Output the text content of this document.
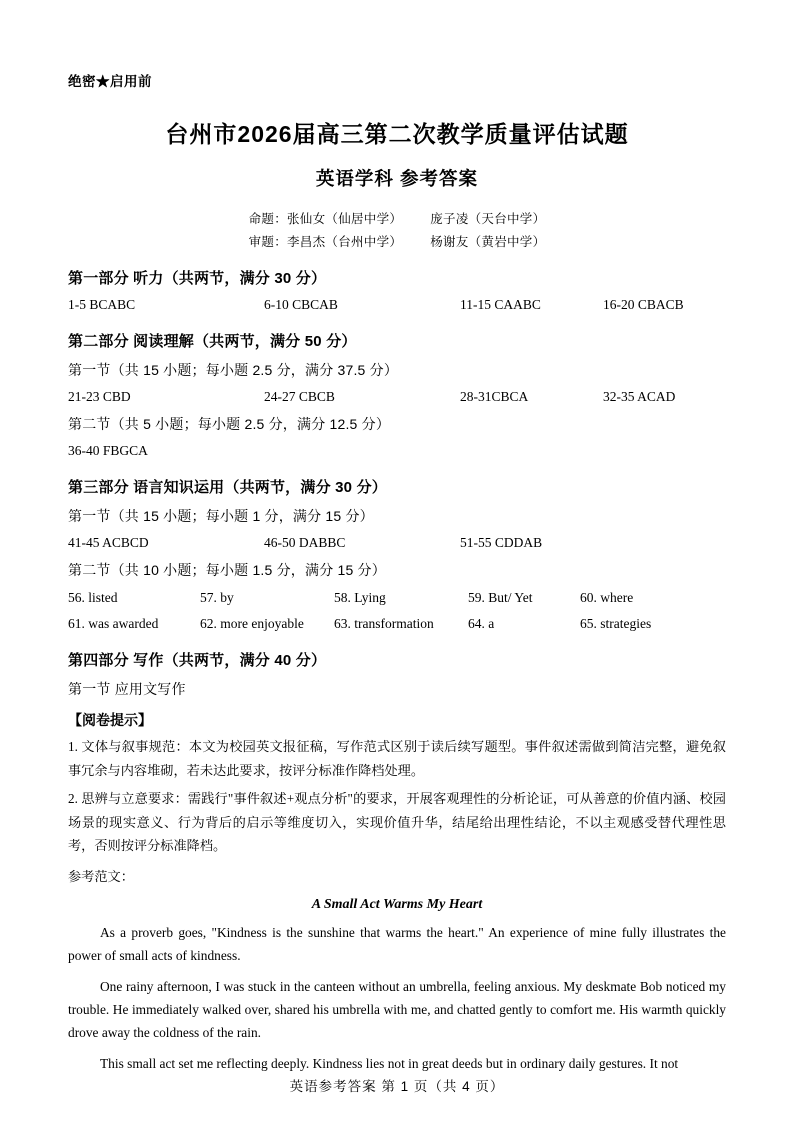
绝密★启用前
台州市2026届高三第二次教学质量评估试题
英语学科 参考答案
命题：张仙女（仙居中学） 庞子凌（天台中学）
审题：李昌杰（台州中学） 杨谢友（黄岩中学）
第一部分 听力（共两节，满分 30 分）
1-5 BCABC	6-10 CBCAB	11-15 CAABC	16-20 CBACB
第二部分 阅读理解（共两节，满分 50 分）
第一节（共 15 小题；每小题 2.5 分，满分 37.5 分）
21-23 CBD	24-27 CBCB	28-31CBCA	32-35 ACAD
第二节（共 5 小题；每小题 2.5 分，满分 12.5 分）
36-40 FBGCA
第三部分 语言知识运用（共两节，满分 30 分）
第一节（共 15 小题；每小题 1 分，满分 15 分）
41-45 ACBCD	46-50 DABBC	51-55 CDDAB
第二节（共 10 小题；每小题 1.5 分，满分 15 分）
56. listed	57. by	58. Lying	59. But/ Yet	60. where
61. was awarded	62. more enjoyable	63. transformation	64. a	65. strategies
第四部分 写作（共两节，满分 40 分）
第一节 应用文写作
【阅卷提示】
1. 文体与叙事规范：本文为校园英文报征稿，写作范式区别于读后续写题型。事件叙述需做到简洁完整，避免叙事冗余与内容堆砌，若未达此要求，按评分标准作降档处理。
2. 思辨与立意要求：需践行"事件叙述+观点分析"的要求，开展客观理性的分析论证，可从善意的价值内涵、校园场景的现实意义、行为背后的启示等维度切入，实现价值升华，结尾给出理性结论，不以主观感受替代理性思考，否则按评分标准降档。
参考范文：
A Small Act Warms My Heart
As a proverb goes, "Kindness is the sunshine that warms the heart." An experience of mine fully illustrates the power of small acts of kindness.
One rainy afternoon, I was stuck in the canteen without an umbrella, feeling anxious. My deskmate Bob noticed my trouble. He immediately walked over, shared his umbrella with me, and chatted gently to comfort me. His warmth quickly drove away the coldness of the rain.
This small act set me reflecting deeply. Kindness lies not in great deeds but in ordinary daily gestures. It not
英语参考答案 第 1 页（共 4 页）
